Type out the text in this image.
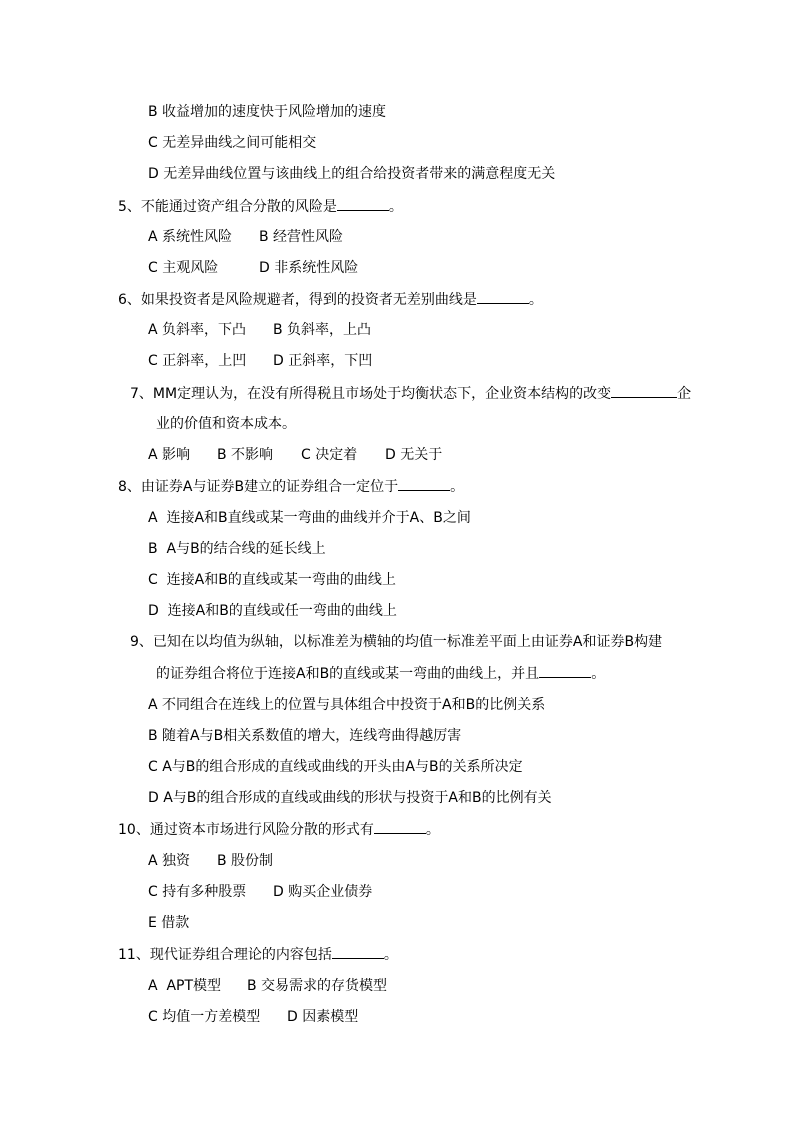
B 收益增加的速度快于风险增加的速度
C 无差异曲线之间可能相交
D 无差异曲线位置与该曲线上的组合给投资者带来的满意程度无关
5、不能通过资产组合分散的风险是	。
A 系统性风险 B 经营性风险
C 主观风险	D 非系统性风险
6、如果投资者是风险规避者，得到的投资者无差别曲线是	。
A 负斜率，下凸 B 负斜率，上凸
C 正斜率，上凹 D 正斜率，下凹
7、MM定理认为，在没有所得税且市场处于均衡状态下，企业资本结构的改变	企
业的价值和资本成本。
A 影响 B 不影响 C 决定着 D 无关于
8、由证券A与证券B建立的证券组合一定位于	。
A  连接A和B直线或某一弯曲的曲线并介于A、B之间
B  A与B的结合线的延长线上
C  连接A和B的直线或某一弯曲的曲线上
D  连接A和B的直线或任一弯曲的曲线上
9、已知在以均值为纵轴，以标准差为横轴的均值一标准差平面上由证券A和证券B构建
的证券组合将位于连接A和B的直线或某一弯曲的曲线上，并且	。
A 不同组合在连线上的位置与具体组合中投资于A和B的比例关系
B 随着A与B相关系数值的增大，连线弯曲得越厉害
C A与B的组合形成的直线或曲线的开头由A与B的关系所决定
D A与B的组合形成的直线或曲线的形状与投资于A和B的比例有关
10、通过资本市场进行风险分散的形式有	。
A 独资 B 股份制
C 持有多种股票 D 购买企业债券
E 借款
11、现代证券组合理论的内容包括	。
A  APT模型 B 交易需求的存货模型
C 均值一方差模型 D 因素模型
